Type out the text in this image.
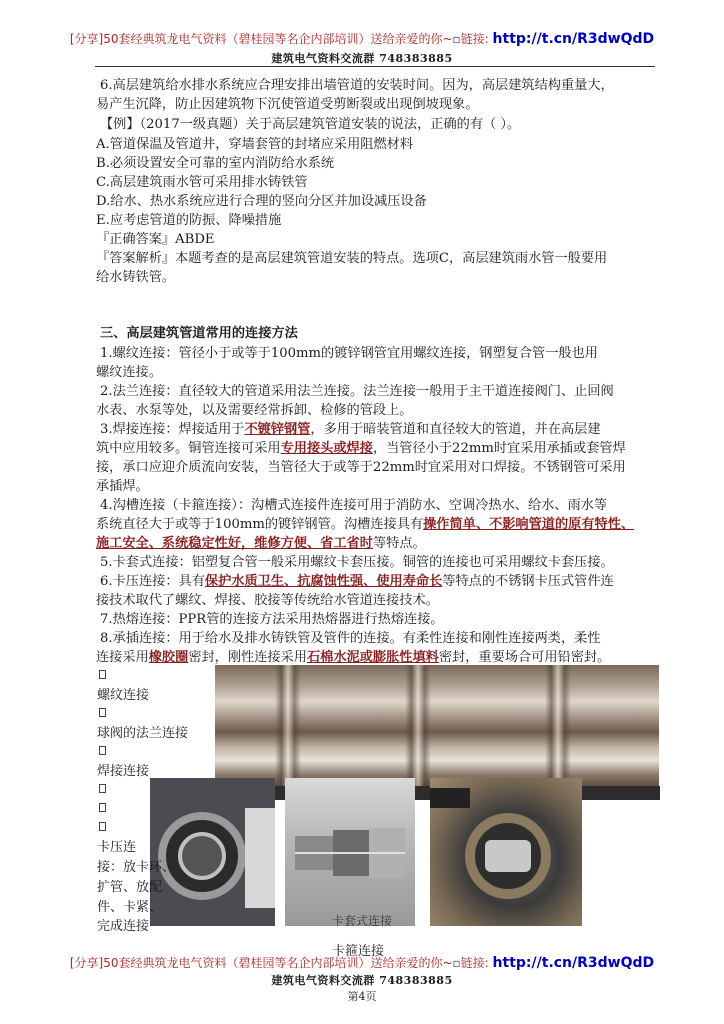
[分享]50套经典筑龙电气资料（碧桂园等名企内部培训）送给亲爱的你~▫链接: http://t.cn/R3dwQdD
建筑电气资料交流群 748383885
6.高层建筑给水排水系统应合理安排出墙管道的安装时间。因为，高层建筑结构重量大，
易产生沉降，防止因建筑物下沉使管道受剪断裂或出现倒坡现象。
【例】（2017一级真题）关于高层建筑管道安装的说法，正确的有（ ）。
A.管道保温及管道井，穿墙套管的封堵应采用阻燃材料
B.必须设置安全可靠的室内消防给水系统
C.高层建筑雨水管可采用排水铸铁管
D.给水、热水系统应进行合理的竖向分区并加设减压设备
E.应考虑管道的防振、降噪措施
『正确答案』ABDE
『答案解析』本题考查的是高层建筑管道安装的特点。选项C，高层建筑雨水管一般要用
给水铸铁管。
三、高层建筑管道常用的连接方法
1.螺纹连接：管径小于或等于100mm的镀锌钢管宜用螺纹连接，钢塑复合管一般也用
螺纹连接。
2.法兰连接：直径较大的管道采用法兰连接。法兰连接一般用于主干道连接阀门、止回阀
水表、水泵等处，以及需要经常拆卸、检修的管段上。
3.焊接连接：焊接适用于不镀锌钢管，多用于暗装管道和直径较大的管道，并在高层建
筑中应用较多。铜管连接可采用专用接头或焊接，当管径小于22mm时宜采用承插或套管焊
接，承口应迎介质流向安装，当管径大于或等于22mm时宜采用对口焊接。不锈钢管可采用
承插焊。
4.沟槽连接（卡箍连接）：沟槽式连接件连接可用于消防水、空调冷热水、给水、雨水等
系统直径大于或等于100mm的镀锌钢管。沟槽连接具有操作简单、不影响管道的原有特性、
施工安全、系统稳定性好，维修方便、省工省时等特点。
5.卡套式连接：铝塑复合管一般采用螺纹卡套压接。铜管的连接也可采用螺纹卡套压接。
6.卡压连接：具有保护水质卫生、抗腐蚀性强、使用寿命长等特点的不锈钢卡压式管件连
接技术取代了螺纹、焊接、胶接等传统给水管道连接技术。
7.热熔连接：PPR管的连接方法采用热熔器进行热熔连接。
8.承插连接：用于给水及排水铸铁管及管件的连接。有柔性连接和刚性连接两类，柔性
连接采用橡胶圈密封，刚性连接采用石棉水泥或膨胀性填料密封，重要场合可用铅密封。
螺纹连接
球阀的法兰连接
焊接连接
卡压连
接：放卡环、
扩管、放配
件、卡紧、
完成连接	卡套式连接
卡箍连接
[分享]50套经典筑龙电气资料（碧桂园等名企内部培训）送给亲爱的你~▫链接: http://t.cn/R3dwQdD
建筑电气资料交流群 748383885
第4页
